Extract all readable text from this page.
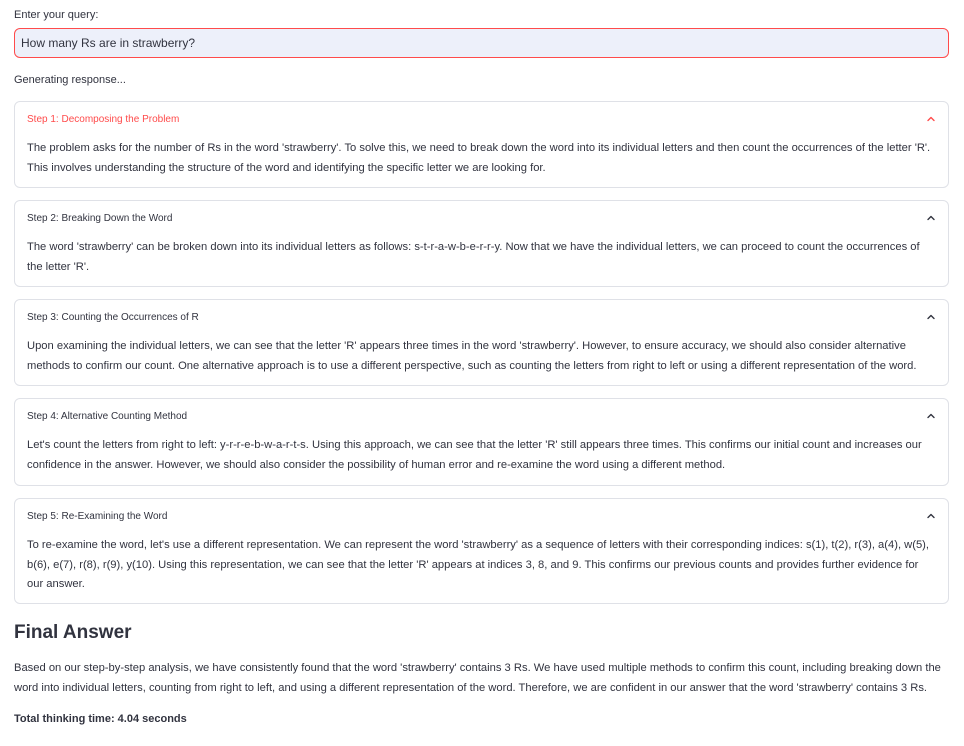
Enter your query:
How many Rs are in strawberry?
Generating response...
Step 1: Decomposing the Problem
The problem asks for the number of Rs in the word 'strawberry'. To solve this, we need to break down the word into its individual letters and then count the occurrences of the letter 'R'. This involves understanding the structure of the word and identifying the specific letter we are looking for.
Step 2: Breaking Down the Word
The word 'strawberry' can be broken down into its individual letters as follows: s-t-r-a-w-b-e-r-r-y. Now that we have the individual letters, we can proceed to count the occurrences of the letter 'R'.
Step 3: Counting the Occurrences of R
Upon examining the individual letters, we can see that the letter 'R' appears three times in the word 'strawberry'. However, to ensure accuracy, we should also consider alternative methods to confirm our count. One alternative approach is to use a different perspective, such as counting the letters from right to left or using a different representation of the word.
Step 4: Alternative Counting Method
Let's count the letters from right to left: y-r-r-e-b-w-a-r-t-s. Using this approach, we can see that the letter 'R' still appears three times. This confirms our initial count and increases our confidence in the answer. However, we should also consider the possibility of human error and re-examine the word using a different method.
Step 5: Re-Examining the Word
To re-examine the word, let's use a different representation. We can represent the word 'strawberry' as a sequence of letters with their corresponding indices: s(1), t(2), r(3), a(4), w(5), b(6), e(7), r(8), r(9), y(10). Using this representation, we can see that the letter 'R' appears at indices 3, 8, and 9. This confirms our previous counts and provides further evidence for our answer.
Final Answer

Based on our step-by-step analysis, we have consistently found that the word 'strawberry' contains 3 Rs. We have used multiple methods to confirm this count, including breaking down the word into individual letters, counting from right to left, and using a different representation of the word. Therefore, we are confident in our answer that the word 'strawberry' contains 3 Rs.

Total thinking time: 4.04 seconds
